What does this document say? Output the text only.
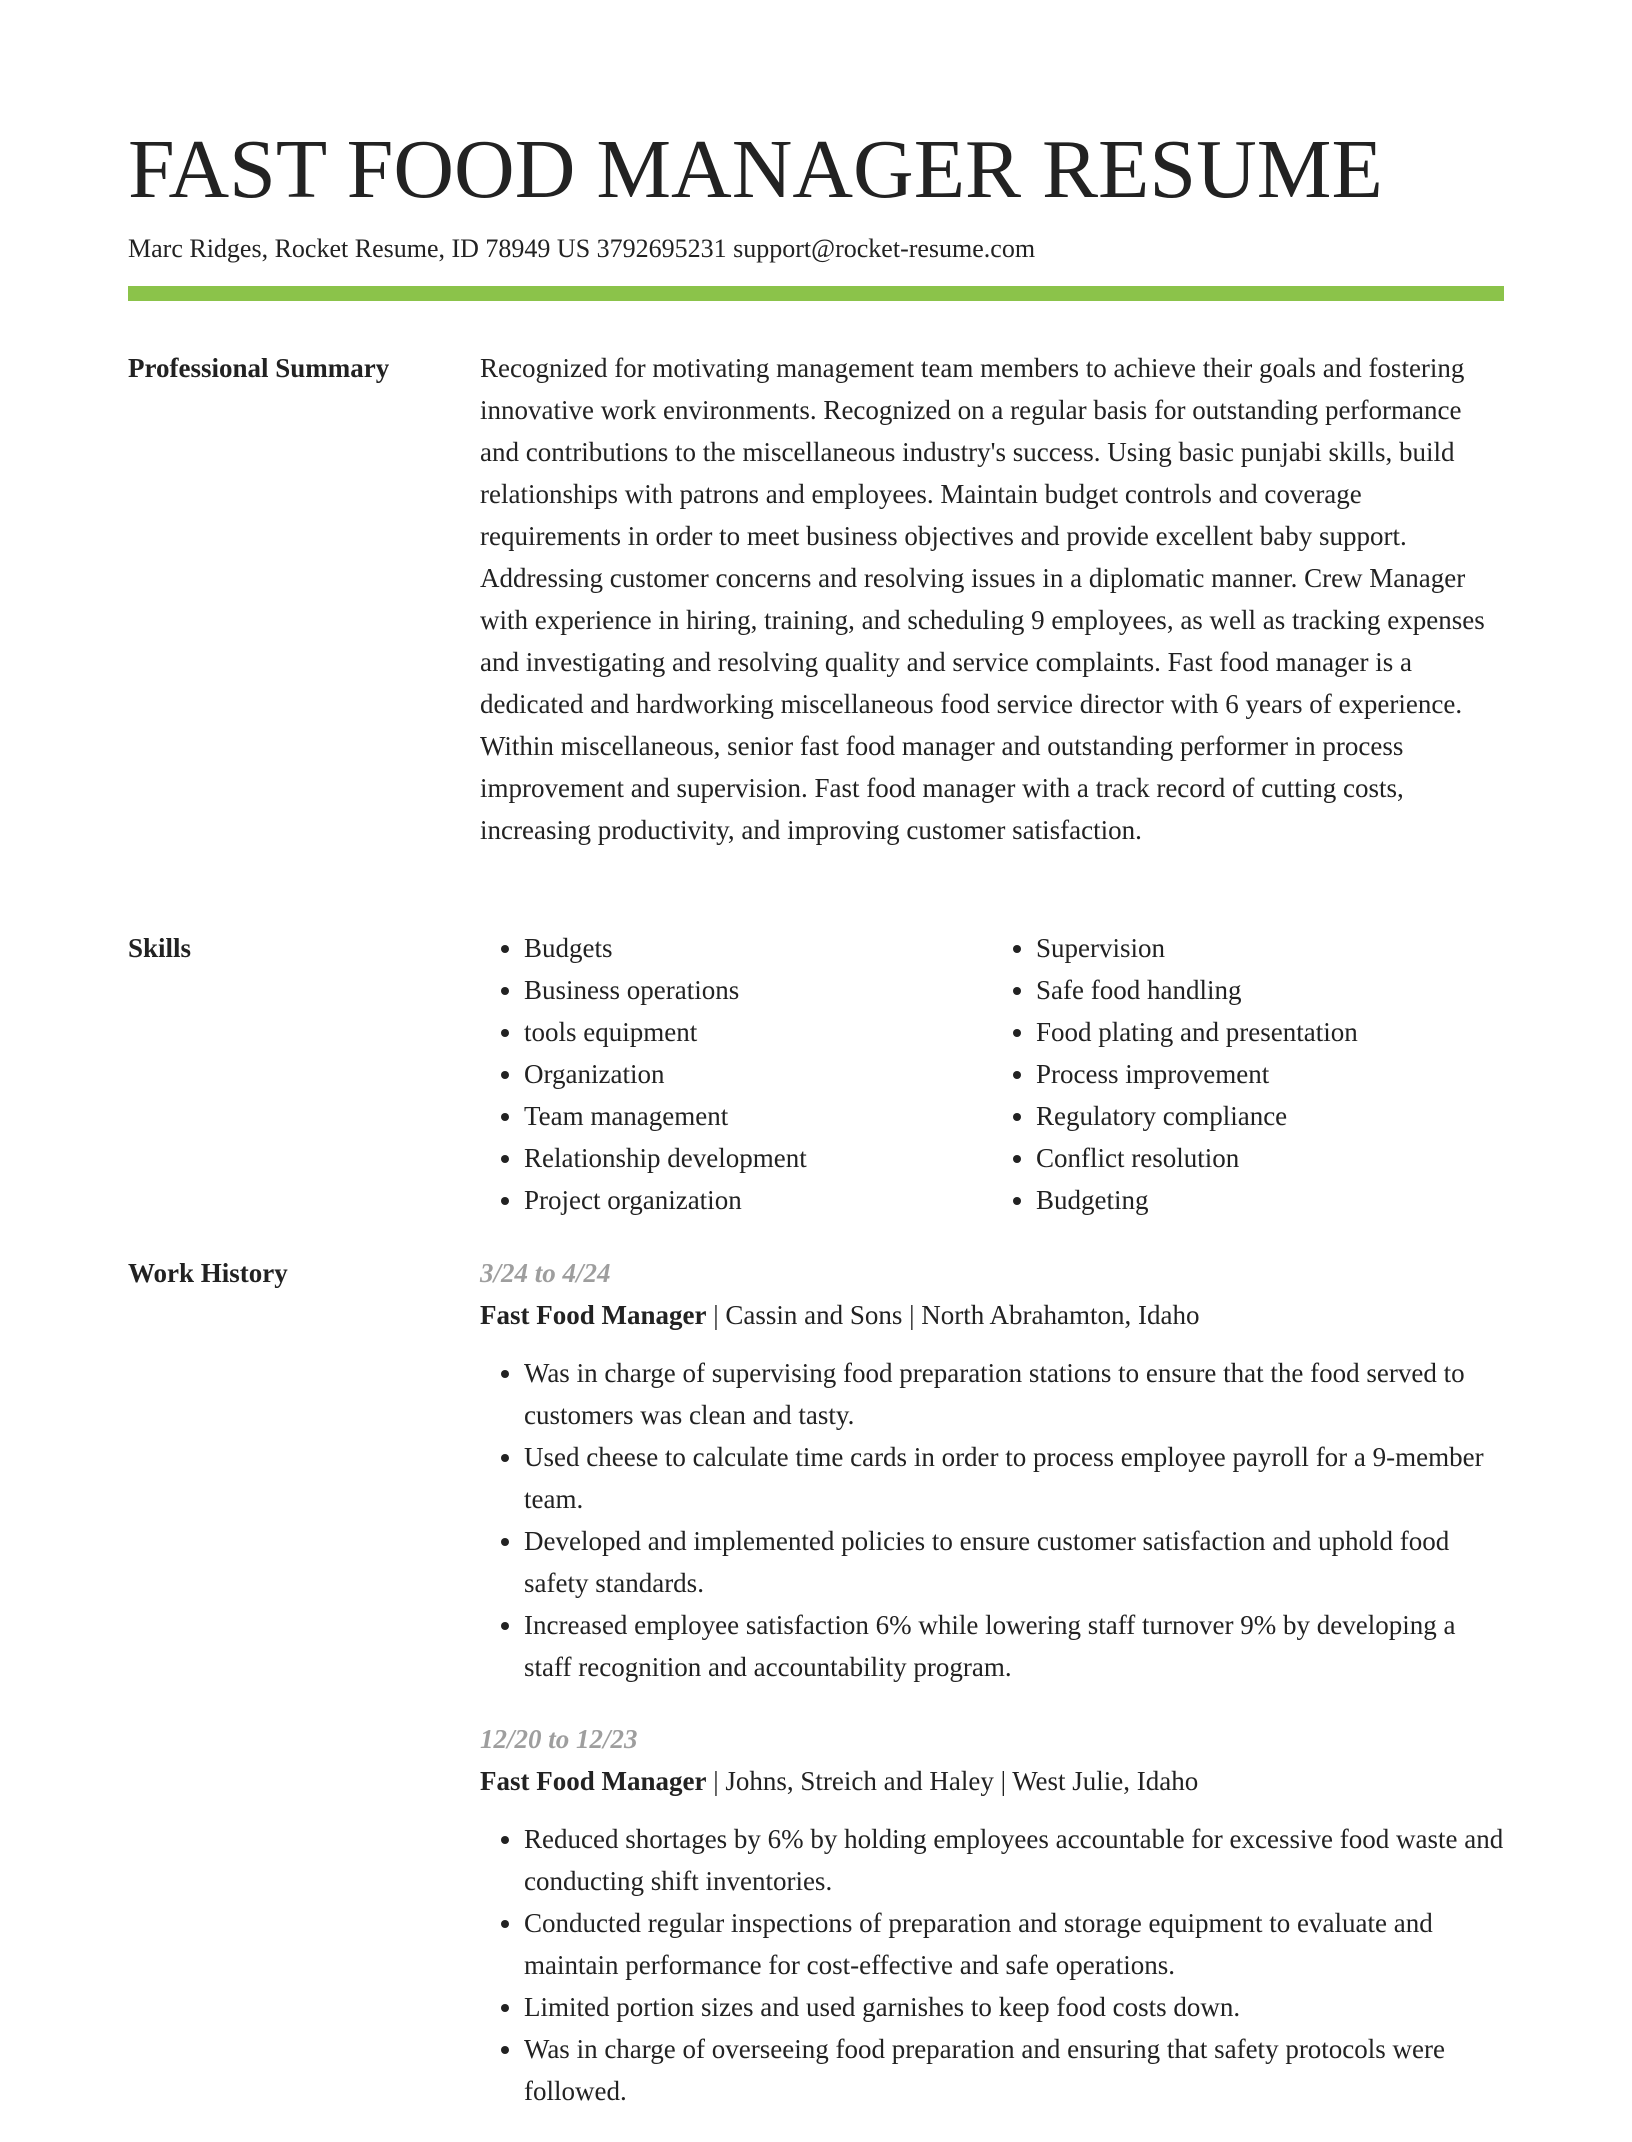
FAST FOOD MANAGER RESUME
Marc Ridges, Rocket Resume, ID 78949 US 3792695231 support@rocket-resume.com
Professional Summary	Recognized for motivating management team members to achieve their goals and fostering innovative work environments. Recognized on a regular basis for outstanding performance and contributions to the miscellaneous industry's success. Using basic punjabi skills, build relationships with patrons and employees. Maintain budget controls and coverage requirements in order to meet business objectives and provide excellent baby support. Addressing customer concerns and resolving issues in a diplomatic manner. Crew Manager with experience in hiring, training, and scheduling 9 employees, as well as tracking expenses and investigating and resolving quality and service complaints. Fast food manager is a dedicated and hardworking miscellaneous food service director with 6 years of experience. Within miscellaneous, senior fast food manager and outstanding performer in process improvement and supervision. Fast food manager with a track record of cutting costs, increasing productivity, and improving customer satisfaction.

Skills
•	Budgets
• Business operations
• tools equipment
• Organization
• Team management
• Relationship development
• Project organization
• Supervision
• Safe food handling
• Food plating and presentation
• Process improvement
• Regulatory compliance
• Conflict resolution
• Budgeting
Work History	3/24 to 4/24
Fast Food Manager | Cassin and Sons | North Abrahamton, Idaho
• Was in charge of supervising food preparation stations to ensure that the food served to customers was clean and tasty.
• Used cheese to calculate time cards in order to process employee payroll for a 9-member team.
• Developed and implemented policies to ensure customer satisfaction and uphold food safety standards.
• Increased employee satisfaction 6% while lowering staff turnover 9% by developing a staff recognition and accountability program.
12/20 to 12/23
Fast Food Manager | Johns, Streich and Haley | West Julie, Idaho
• Reduced shortages by 6% by holding employees accountable for excessive food waste and conducting shift inventories.
• Conducted regular inspections of preparation and storage equipment to evaluate and maintain performance for cost-effective and safe operations.
• Limited portion sizes and used garnishes to keep food costs down.
• Was in charge of overseeing food preparation and ensuring that safety protocols were followed.
